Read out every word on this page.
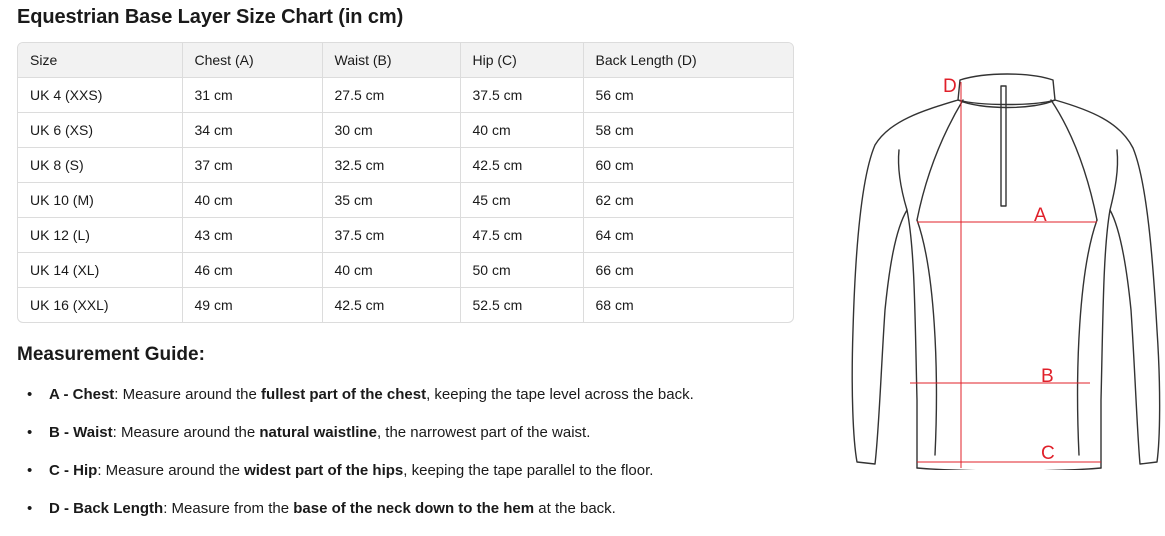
Equestrian Base Layer Size Chart (in cm)
Size	Chest (A)	Waist (B)	Hip (C)	Back Length (D)
UK 4 (XXS)	31 cm	27.5 cm	37.5 cm	56 cm
UK 6 (XS)	34 cm	30 cm	40 cm	58 cm
UK 8 (S)	37 cm	32.5 cm	42.5 cm	60 cm
UK 10 (M)	40 cm	35 cm	45 cm	62 cm
UK 12 (L)	43 cm	37.5 cm	47.5 cm	64 cm
UK 14 (XL)	46 cm	40 cm	50 cm	66 cm
UK 16 (XXL)	49 cm	42.5 cm	52.5 cm	68 cm
Measurement Guide:
• A - Chest: Measure around the fullest part of the chest, keeping the tape level across the back.
• B - Waist: Measure around the natural waistline, the narrowest part of the waist.
• C - Hip: Measure around the widest part of the hips, keeping the tape parallel to the floor.
• D - Back Length: Measure from the base of the neck down to the hem at the back.
D
A
B
C
